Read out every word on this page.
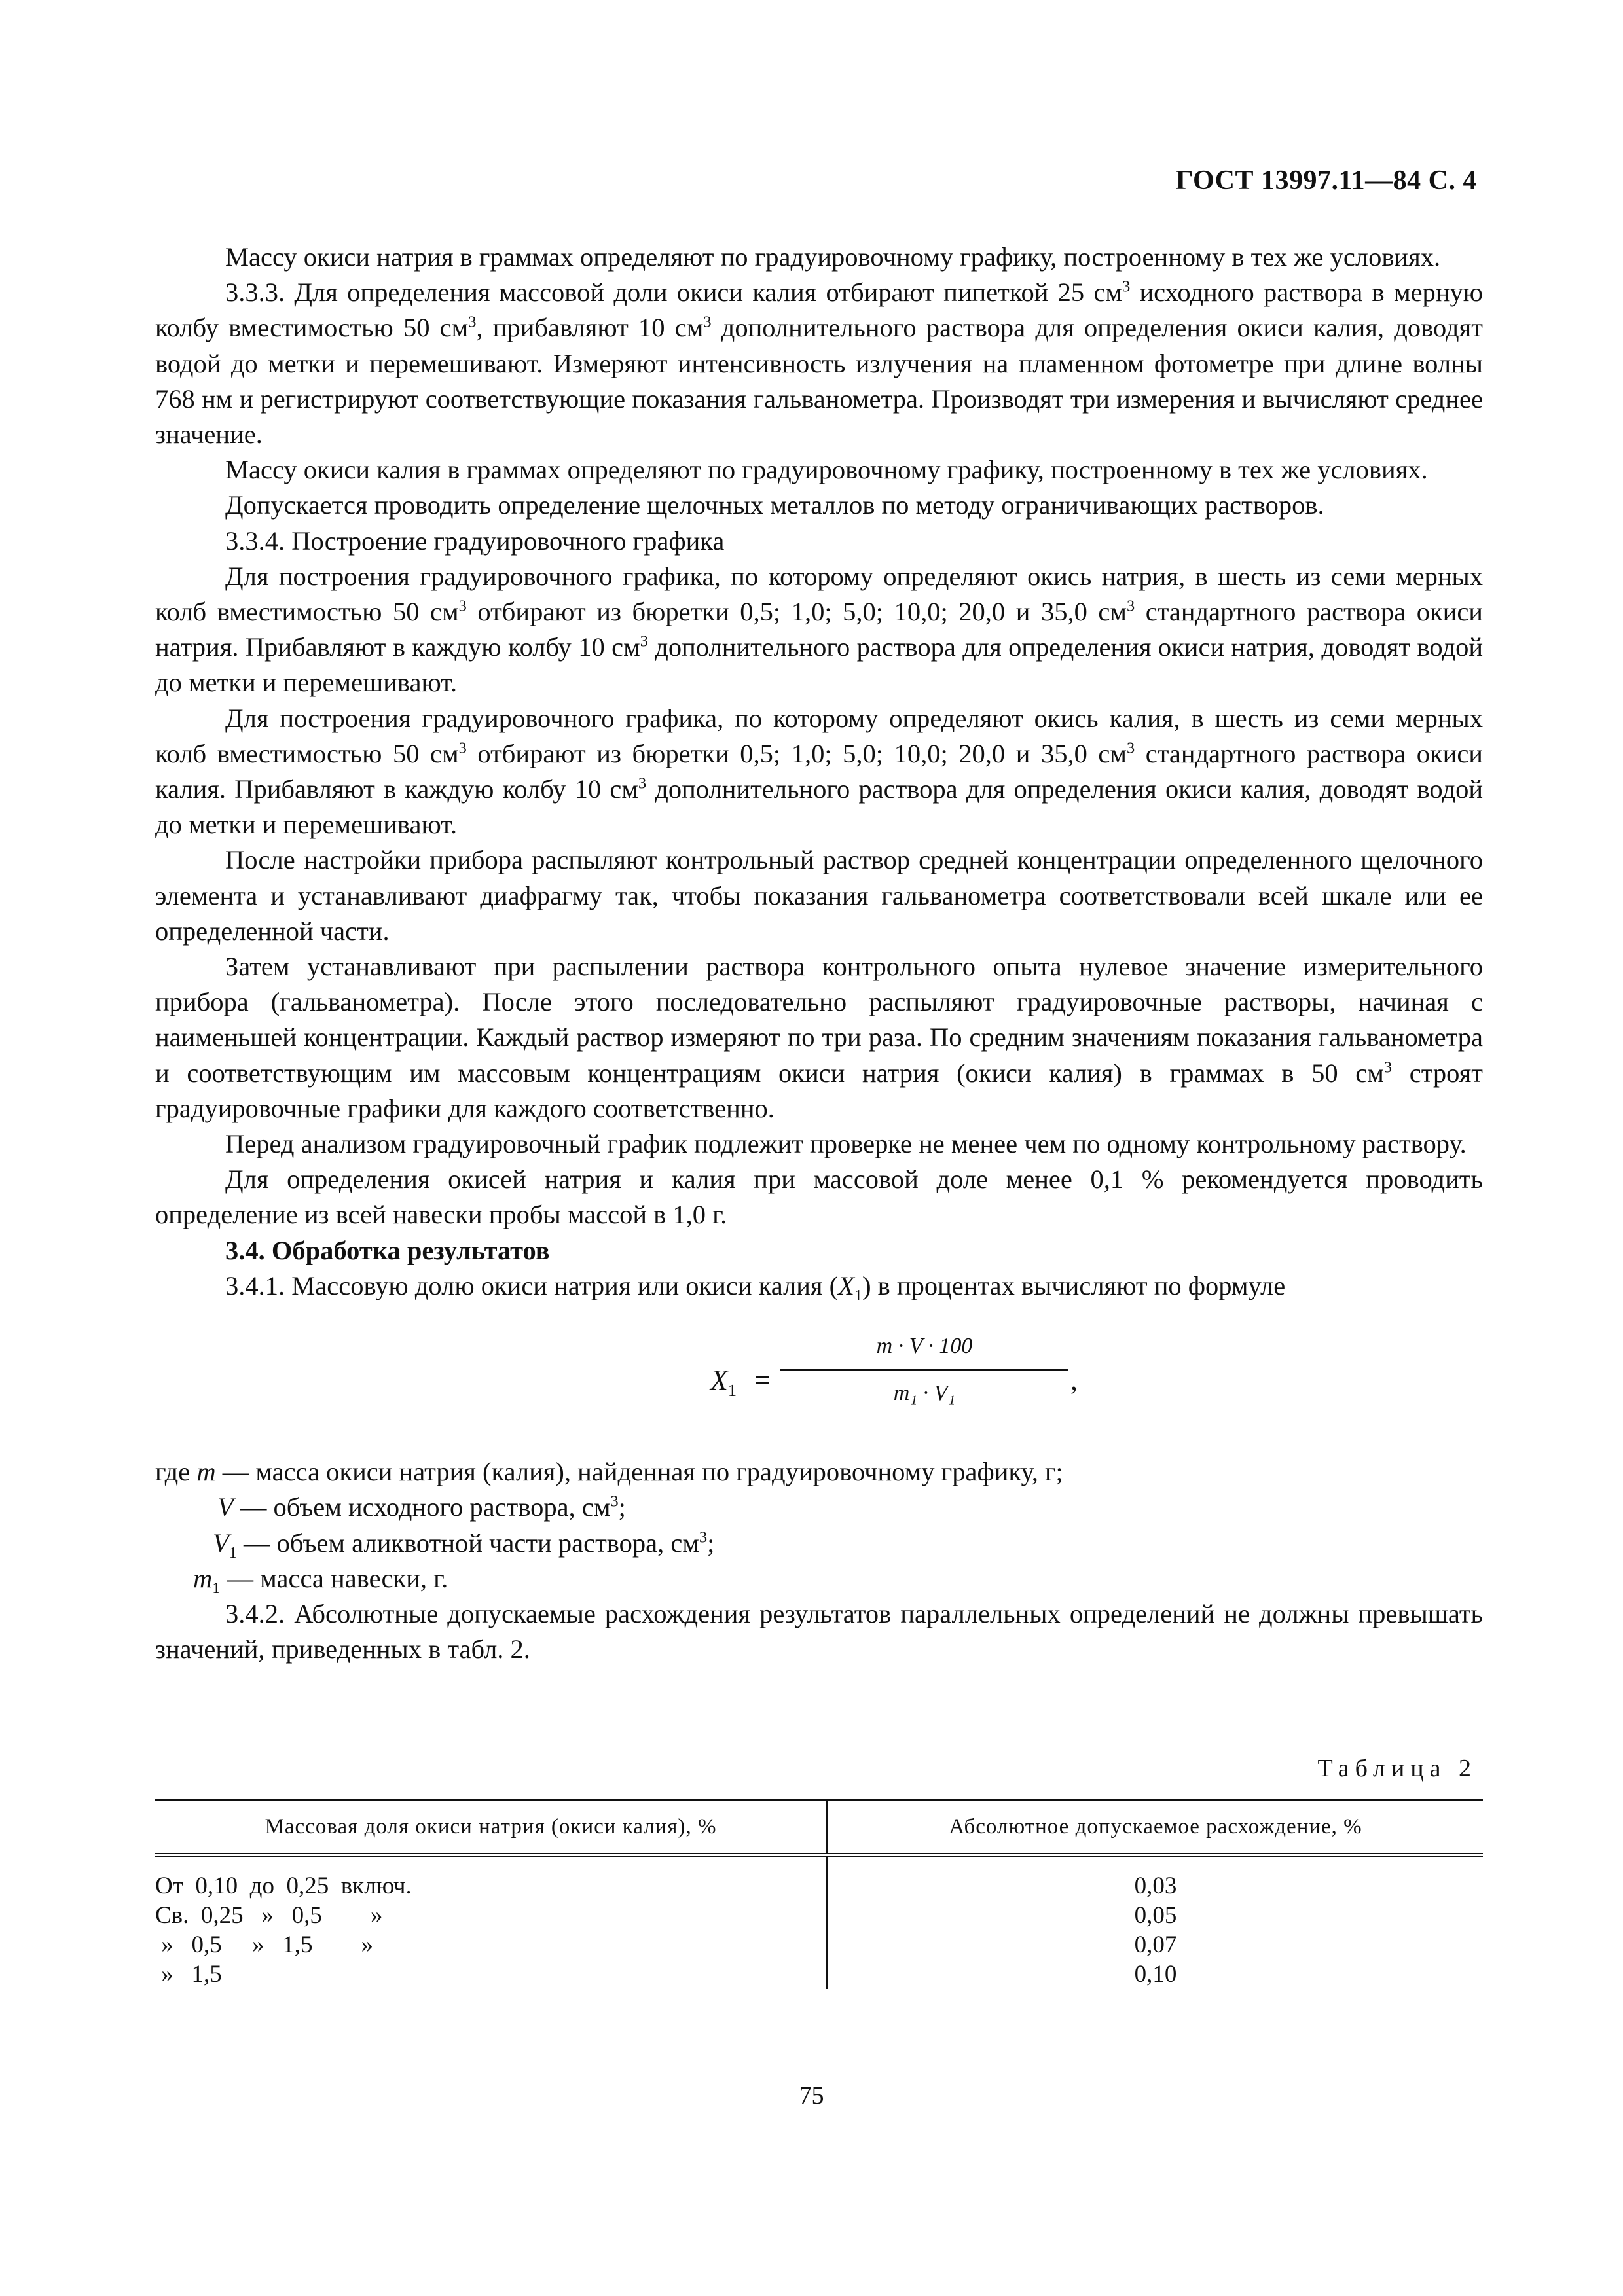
ГОСТ 13997.11—84 С. 4

Массу окиси натрия в граммах определяют по градуировочному графику, построенному в тех же условиях.

3.3.3. Для определения массовой доли окиси калия отбирают пипеткой 25 $см^3$ исходного раствора в мерную колбу вместимостью 50 $см^3$, прибавляют 10 $см^3$ дополнительного раствора для определения окиси калия, доводят водой до метки и перемешивают. Измеряют интенсивность излучения на пламенном фотометре при длине волны 768 нм и регистрируют соответствующие показания гальванометра. Производят три измерения и вычисляют среднее значение.

Массу окиси калия в граммах определяют по градуировочному графику, построенному в тех же условиях.

Допускается проводить определение щелочных металлов по методу ограничивающих растворов.

3.3.4. Построение градуировочного графика

Для построения градуировочного графика, по которому определяют окись натрия, в шесть из семи мерных колб вместимостью 50 $см^3$ отбирают из бюретки 0,5; 1,0; 5,0; 10,0; 20,0 и 35,0 $см^3$ стандартного раствора окиси натрия. Прибавляют в каждую колбу 10 $см^3$ дополнительного раствора для определения окиси натрия, доводят водой до метки и перемешивают.

Для построения градуировочного графика, по которому определяют окись калия, в шесть из семи мерных колб вместимостью 50 $см^3$ отбирают из бюретки 0,5; 1,0; 5,0; 10,0; 20,0 и 35,0 $см^3$ стандартного раствора окиси калия. Прибавляют в каждую колбу 10 $см^3$ дополнительного раствора для определения окиси калия, доводят водой до метки и перемешивают.

После настройки прибора распыляют контрольный раствор средней концентрации определенного щелочного элемента и устанавливают диафрагму так, чтобы показания гальванометра соответствовали всей шкале или ее определенной части.

Затем устанавливают при распылении раствора контрольного опыта нулевое значение измерительного прибора (гальванометра). После этого последовательно распыляют градуировочные растворы, начиная с наименьшей концентрации. Каждый раствор измеряют по три раза. По средним значениям показания гальванометра и соответствующим им массовым концентрациям окиси натрия (окиси калия) в граммах в 50 $см^3$ строят градуировочные графики для каждого соответственно.

Перед анализом градуировочный график подлежит проверке не менее чем по одному контрольному раствору.

Для определения окисей натрия и калия при массовой доле менее 0,1 % рекомендуется проводить определение из всей навески пробы массой в 1,0 г.

3.4. Обработка результатов

3.4.1. Массовую долю окиси натрия или окиси калия $(X_1)$ в процентах вычисляют по формуле

$X_1 = \frac{m \cdot V \cdot 100}{\text{m₁ · V₁}}$ ,
где m — масса окиси натрия (калия), найденная по градуировочному графику, г;
V — объем исходного раствора, $см^3$;
$V_1$ — объем аликвотной части раствора, $см^3$;
$m_1$ — масса навески, г.

3.4.2. Абсолютные допускаемые расхождения результатов параллельных определений не должны превышать значений, приведенных в табл. 2.

Таблица 2
Массовая доля окиси натрия (окиси калия), %	Абсолютное допускаемое расхождение, %
От  0,10  до  0,25  включ.	0,03
Св.  0,25   »   0,5        »	0,05
»   0,5     »   1,5        »	0,07
»   1,5	0,10
75
